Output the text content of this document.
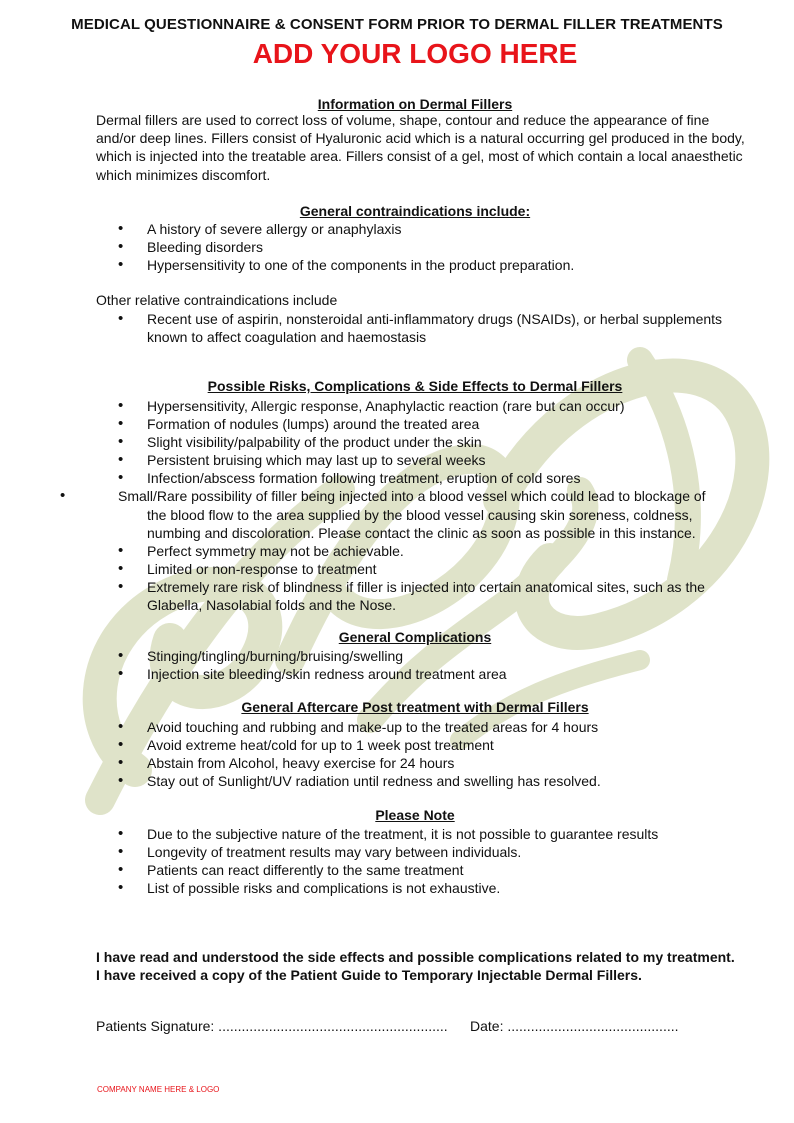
MEDICAL QUESTIONNAIRE & CONSENT FORM PRIOR TO DERMAL FILLER TREATMENTS
ADD YOUR LOGO HERE
Information on Dermal Fillers

Dermal fillers are used to correct loss of volume, shape, contour and reduce the appearance of fine and/or deep lines. Fillers consist of Hyaluronic acid which is a natural occurring gel produced in the body, which is injected into the treatable area. Fillers consist of a gel, most of which contain a local anaesthetic which minimizes discomfort.

General contraindications include:
• A history of severe allergy or anaphylaxis
• Bleeding disorders
• Hypersensitivity to one of the components in the product preparation.

Other relative contraindications include

• Recent use of aspirin, nonsteroidal anti-inflammatory drugs (NSAIDs), or herbal supplements known to affect coagulation and haemostasis
Possible Risks, Complications & Side Effects to Dermal Fillers
• Hypersensitivity, Allergic response, Anaphylactic reaction (rare but can occur)
• Formation of nodules (lumps) around the treated area
• Slight visibility/palpability of the product under the skin
• Persistent bruising which may last up to several weeks
• Infection/abscess formation following treatment, eruption of cold sores
• Small/Rare possibility of filler being injected into a blood vessel which could lead to blockage of the blood flow to the area supplied by the blood vessel causing skin soreness, coldness, numbing and discoloration. Please contact the clinic as soon as possible in this instance.
• Perfect symmetry may not be achievable.
• Limited or non-response to treatment
• Extremely rare risk of blindness if filler is injected into certain anatomical sites, such as the Glabella, Nasolabial folds and the Nose.
General Complications
• Stinging/tingling/burning/bruising/swelling
• Injection site bleeding/skin redness around treatment area
General Aftercare Post treatment with Dermal Fillers
• Avoid touching and rubbing and make-up to the treated areas for 4 hours
• Avoid extreme heat/cold for up to 1 week post treatment
• Abstain from Alcohol, heavy exercise for 24 hours
• Stay out of Sunlight/UV radiation until redness and swelling has resolved.
Please Note
• Due to the subjective nature of the treatment, it is not possible to guarantee results
• Longevity of treatment results may vary between individuals.
• Patients can react differently to the same treatment
• List of possible risks and complications is not exhaustive.

I have read and understood the side effects and possible complications related to my treatment.

I have received a copy of the Patient Guide to Temporary Injectable Dermal Fillers.

Patients Signature: ........................................................... Date: ............................................
COMPANY NAME HERE & LOGO
